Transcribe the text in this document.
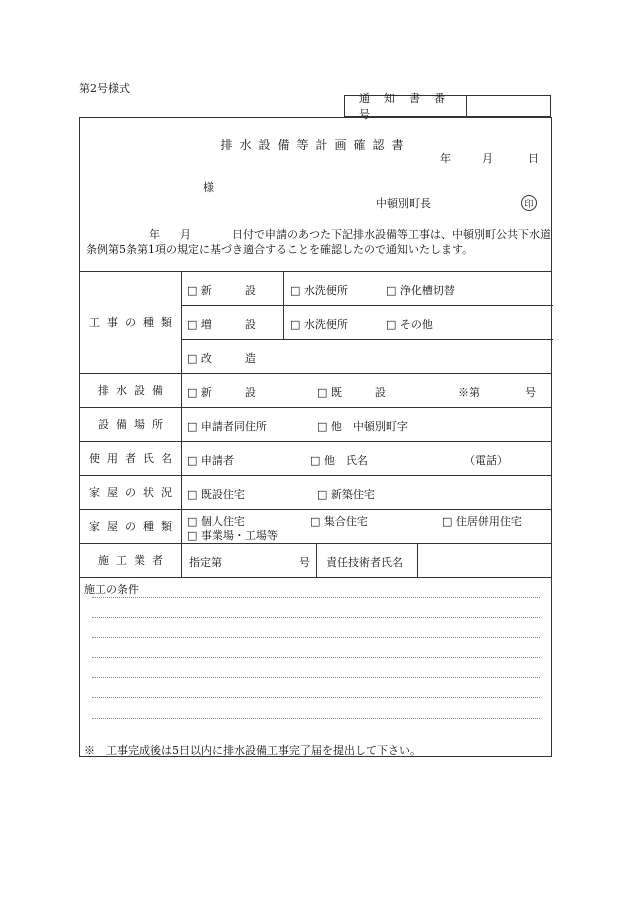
第2号様式
通知書番号
排水設備等計画確認書
年	月	日
様
中頓別町長	印
年 月	日付で申請のあつた下記排水設備等工事は、中頓別町公共下水道
条例第5条第1項の規定に基づき適合することを確認したので通知いたします。
工事の種類
□ 新　　　設	□ 水洗便所	□ 浄化槽切替
□ 増　　　設	□ 水洗便所	□ その他
□ 改　　　造
排水設備	□ 新　　　設	□ 既　　　設	※第	号
設備場所	□ 申請者同住所	□ 他　中頓別町字
使用者氏名 □ 申請者	□ 他　氏名	（電話）
家屋の状況 □ 既設住宅	□ 新築住宅
家屋の種類 □ 個人住宅	□ 集合住宅	□ 住居併用住宅
□ 事業場・工場等
施工業者	指定第	号 責任技術者氏名
施工の条件
※　工事完成後は5日以内に排水設備工事完了届を提出して下さい。
